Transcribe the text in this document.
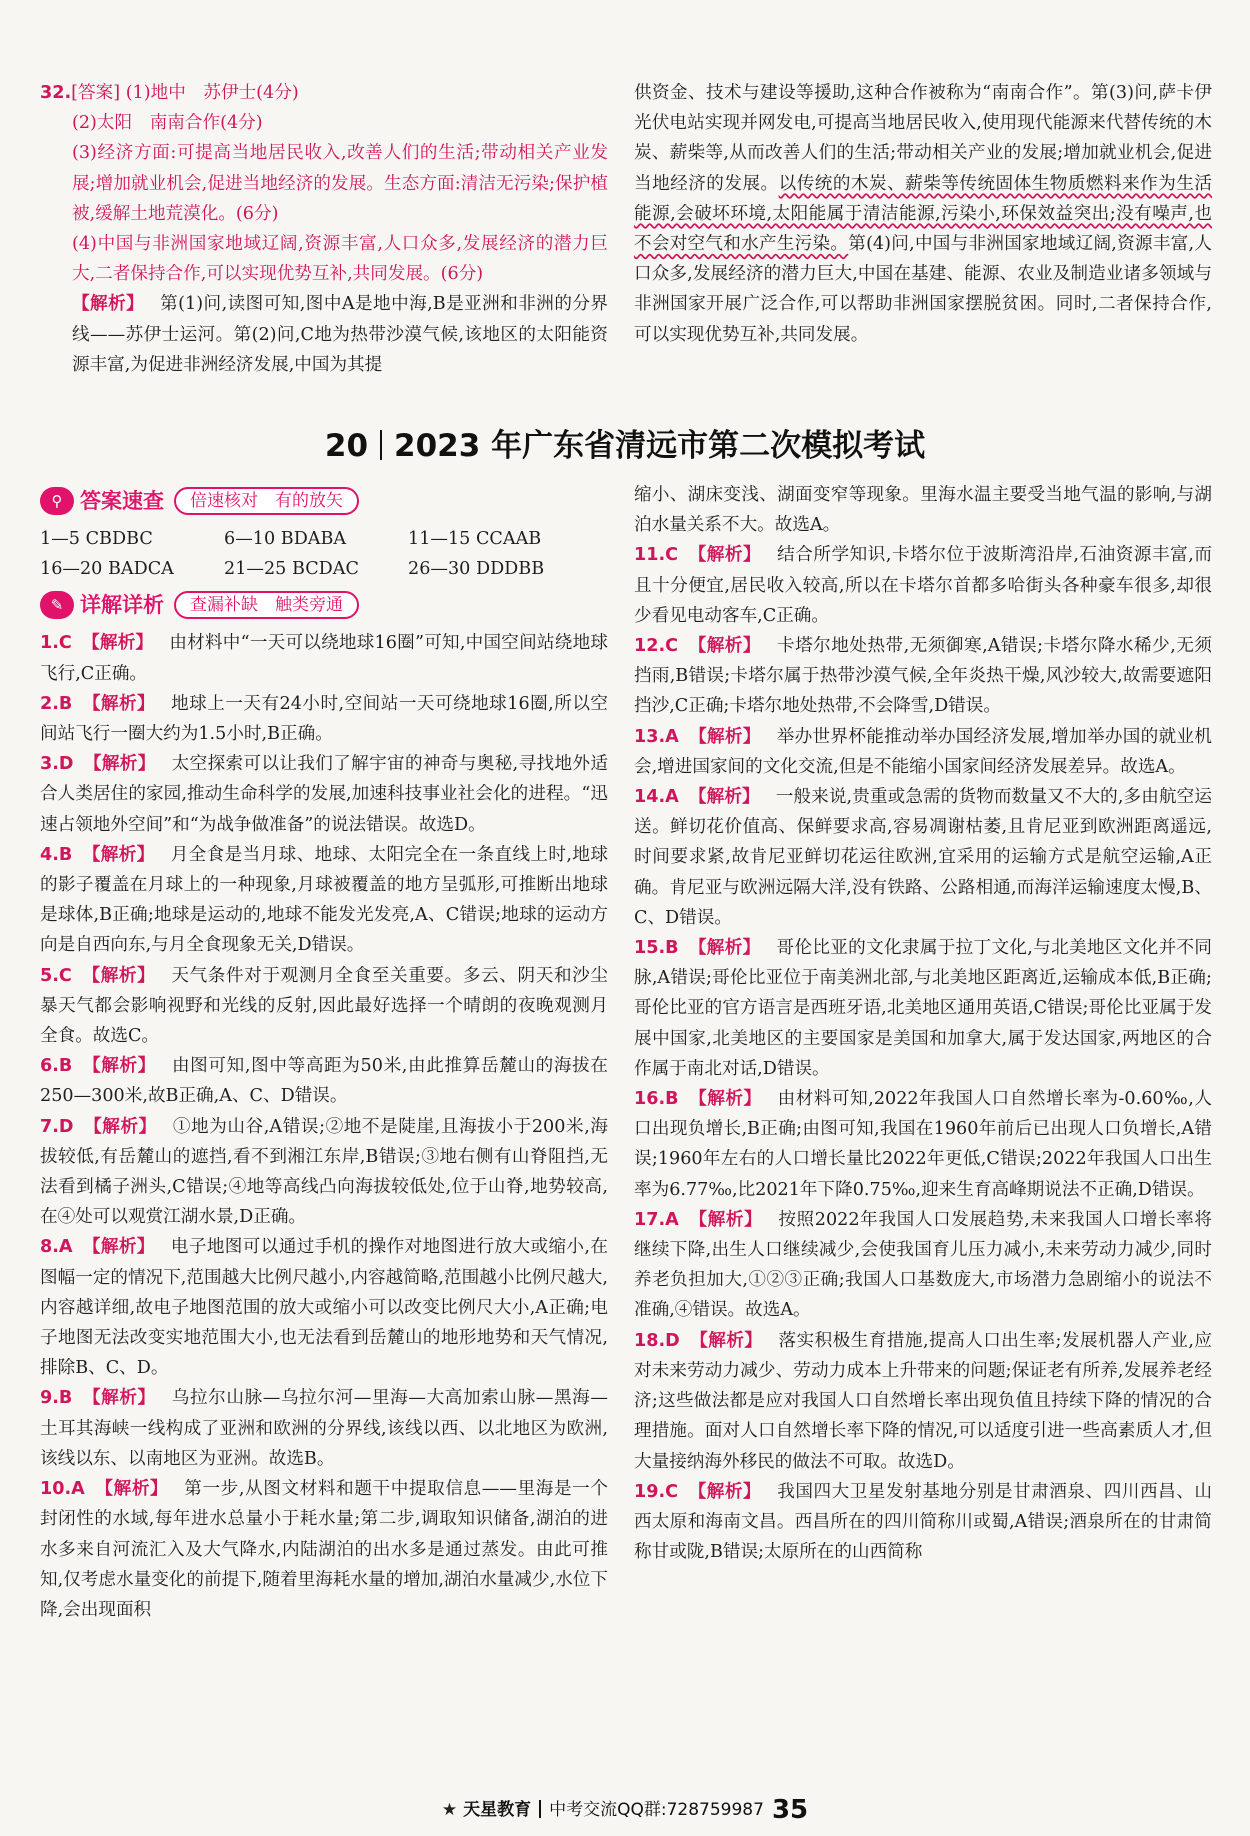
32.[答案] (1)地中　苏伊士(4分)
(2)太阳　南南合作(4分)
(3)经济方面:可提高当地居民收入,改善人们的生活;带动相关产业发展;增加就业机会,促进当地经济的发展。生态方面:清洁无污染;保护植被,缓解土地荒漠化。(6分)
(4)中国与非洲国家地域辽阔,资源丰富,人口众多,发展经济的潜力巨大,二者保持合作,可以实现优势互补,共同发展。(6分)
【解析】 第(1)问,读图可知,图中A是地中海,B是亚洲和非洲的分界线——苏伊士运河。第(2)问,C地为热带沙漠气候,该地区的太阳能资源丰富,为促进非洲经济发展,中国为其提
供资金、技术与建设等援助,这种合作被称为“南南合作”。第(3)问,萨卡伊光伏电站实现并网发电,可提高当地居民收入,使用现代能源来代替传统的木炭、薪柴等,从而改善人们的生活;带动相关产业的发展;增加就业机会,促进当地经济的发展。以传统的木炭、薪柴等传统固体生物质燃料来作为生活能源,会破坏环境,太阳能属于清洁能源,污染小,环保效益突出;没有噪声,也不会对空气和水产生污染。第(4)问,中国与非洲国家地域辽阔,资源丰富,人口众多,发展经济的潜力巨大,中国在基建、能源、农业及制造业诸多领域与非洲国家开展广泛合作,可以帮助非洲国家摆脱贫困。同时,二者保持合作,可以实现优势互补,共同发展。
20 2023 年广东省清远市第二次模拟考试
⚲ 答案速查	倍速核对　有的放矢
1—5 CBDBC	6—10 BDABA	11—15 CCAAB
16—20 BADCA	21—25 BCDAC	26—30 DDDBB
✎ 详解详析	查漏补缺　触类旁通
1.C 【解析】 由材料中“一天可以绕地球16圈”可知,中国空间站绕地球飞行,C正确。
2.B 【解析】 地球上一天有24小时,空间站一天可绕地球16圈,所以空间站飞行一圈大约为1.5小时,B正确。
3.D 【解析】 太空探索可以让我们了解宇宙的神奇与奥秘,寻找地外适合人类居住的家园,推动生命科学的发展,加速科技事业社会化的进程。“迅速占领地外空间”和“为战争做准备”的说法错误。故选D。
4.B 【解析】 月全食是当月球、地球、太阳完全在一条直线上时,地球的影子覆盖在月球上的一种现象,月球被覆盖的地方呈弧形,可推断出地球是球体,B正确;地球是运动的,地球不能发光发亮,A、C错误;地球的运动方向是自西向东,与月全食现象无关,D错误。
5.C 【解析】 天气条件对于观测月全食至关重要。多云、阴天和沙尘暴天气都会影响视野和光线的反射,因此最好选择一个晴朗的夜晚观测月全食。故选C。
6.B 【解析】 由图可知,图中等高距为50米,由此推算岳麓山的海拔在250—300米,故B正确,A、C、D错误。
7.D 【解析】 ①地为山谷,A错误;②地不是陡崖,且海拔小于200米,海拔较低,有岳麓山的遮挡,看不到湘江东岸,B错误;③地右侧有山脊阻挡,无法看到橘子洲头,C错误;④地等高线凸向海拔较低处,位于山脊,地势较高,在④处可以观赏江湖水景,D正确。
8.A 【解析】 电子地图可以通过手机的操作对地图进行放大或缩小,在图幅一定的情况下,范围越大比例尺越小,内容越简略,范围越小比例尺越大,内容越详细,故电子地图范围的放大或缩小可以改变比例尺大小,A正确;电子地图无法改变实地范围大小,也无法看到岳麓山的地形地势和天气情况,排除B、C、D。
9.B 【解析】 乌拉尔山脉—乌拉尔河—里海—大高加索山脉—黑海—土耳其海峡一线构成了亚洲和欧洲的分界线,该线以西、以北地区为欧洲,该线以东、以南地区为亚洲。故选B。
10.A 【解析】 第一步,从图文材料和题干中提取信息——里海是一个封闭性的水域,每年进水总量小于耗水量;第二步,调取知识储备,湖泊的进水多来自河流汇入及大气降水,内陆湖泊的出水多是通过蒸发。由此可推知,仅考虑水量变化的前提下,随着里海耗水量的增加,湖泊水量减少,水位下降,会出现面积
缩小、湖床变浅、湖面变窄等现象。里海水温主要受当地气温的影响,与湖泊水量关系不大。故选A。
11.C 【解析】 结合所学知识,卡塔尔位于波斯湾沿岸,石油资源丰富,而且十分便宜,居民收入较高,所以在卡塔尔首都多哈街头各种豪车很多,却很少看见电动客车,C正确。
12.C 【解析】 卡塔尔地处热带,无须御寒,A错误;卡塔尔降水稀少,无须挡雨,B错误;卡塔尔属于热带沙漠气候,全年炎热干燥,风沙较大,故需要遮阳挡沙,C正确;卡塔尔地处热带,不会降雪,D错误。
13.A 【解析】 举办世界杯能推动举办国经济发展,增加举办国的就业机会,增进国家间的文化交流,但是不能缩小国家间经济发展差异。故选A。
14.A 【解析】 一般来说,贵重或急需的货物而数量又不大的,多由航空运送。鲜切花价值高、保鲜要求高,容易凋谢枯萎,且肯尼亚到欧洲距离遥远,时间要求紧,故肯尼亚鲜切花运往欧洲,宜采用的运输方式是航空运输,A正确。肯尼亚与欧洲远隔大洋,没有铁路、公路相通,而海洋运输速度太慢,B、C、D错误。
15.B 【解析】 哥伦比亚的文化隶属于拉丁文化,与北美地区文化并不同脉,A错误;哥伦比亚位于南美洲北部,与北美地区距离近,运输成本低,B正确;哥伦比亚的官方语言是西班牙语,北美地区通用英语,C错误;哥伦比亚属于发展中国家,北美地区的主要国家是美国和加拿大,属于发达国家,两地区的合作属于南北对话,D错误。
16.B 【解析】 由材料可知,2022年我国人口自然增长率为-0.60‰,人口出现负增长,B正确;由图可知,我国在1960年前后已出现人口负增长,A错误;1960年左右的人口增长量比2022年更低,C错误;2022年我国人口出生率为6.77‰,比2021年下降0.75‰,迎来生育高峰期说法不正确,D错误。
17.A 【解析】 按照2022年我国人口发展趋势,未来我国人口增长率将继续下降,出生人口继续减少,会使我国育儿压力减小,未来劳动力减少,同时养老负担加大,①②③正确;我国人口基数庞大,市场潜力急剧缩小的说法不准确,④错误。故选A。
18.D 【解析】 落实积极生育措施,提高人口出生率;发展机器人产业,应对未来劳动力减少、劳动力成本上升带来的问题;保证老有所养,发展养老经济;这些做法都是应对我国人口自然增长率出现负值且持续下降的情况的合理措施。面对人口自然增长率下降的情况,可以适度引进一些高素质人才,但大量接纳海外移民的做法不可取。故选D。
19.C 【解析】 我国四大卫星发射基地分别是甘肃酒泉、四川西昌、山西太原和海南文昌。西昌所在的四川简称川或蜀,A错误;酒泉所在的甘肃简称甘或陇,B错误;太原所在的山西简称
★ 天星教育 中考交流QQ群:728759987 35
